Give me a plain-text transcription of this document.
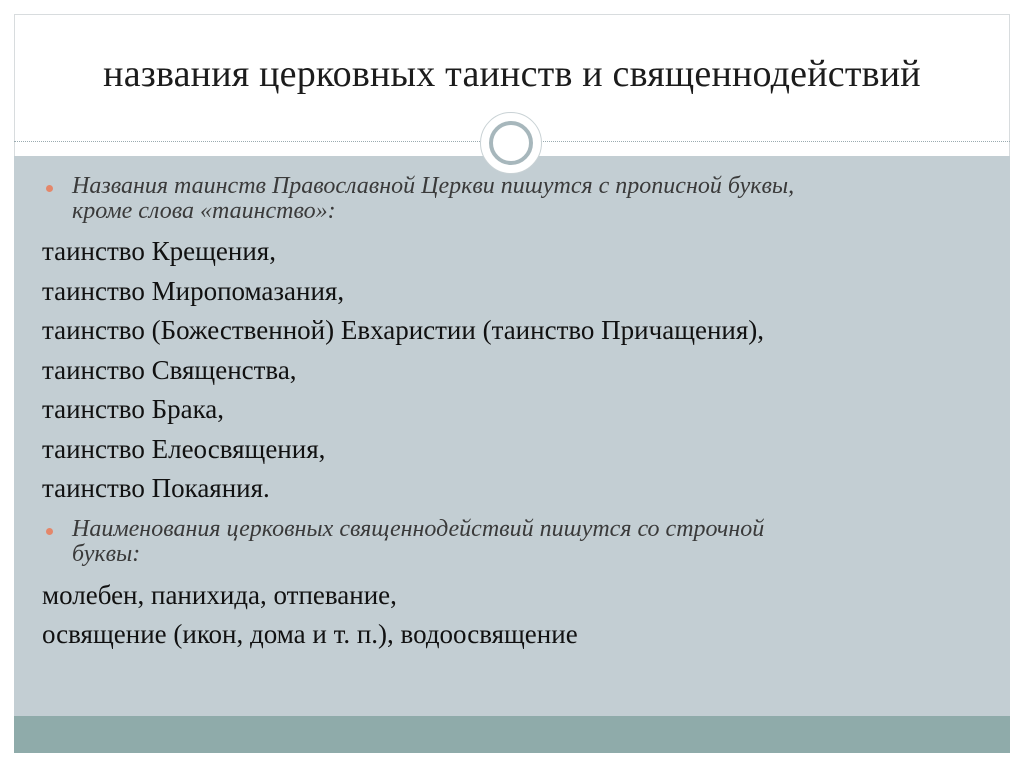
названия церковных таинств и священнодействий
Названия таинств Православной Церкви пишутся с прописной буквы,
кроме слова «таинство»:
таинство Крещения,
таинство Миропомазания,
таинство (Божественной) Евхаристии (таинство Причащения),
таинство Священства,
таинство Брака,
таинство Елеосвящения,
таинство Покаяния.
Наименования церковных священнодействий пишутся со строчной
буквы:
молебен, панихида, отпевание,
освящение (икон, дома и т. п.), водоосвящение
